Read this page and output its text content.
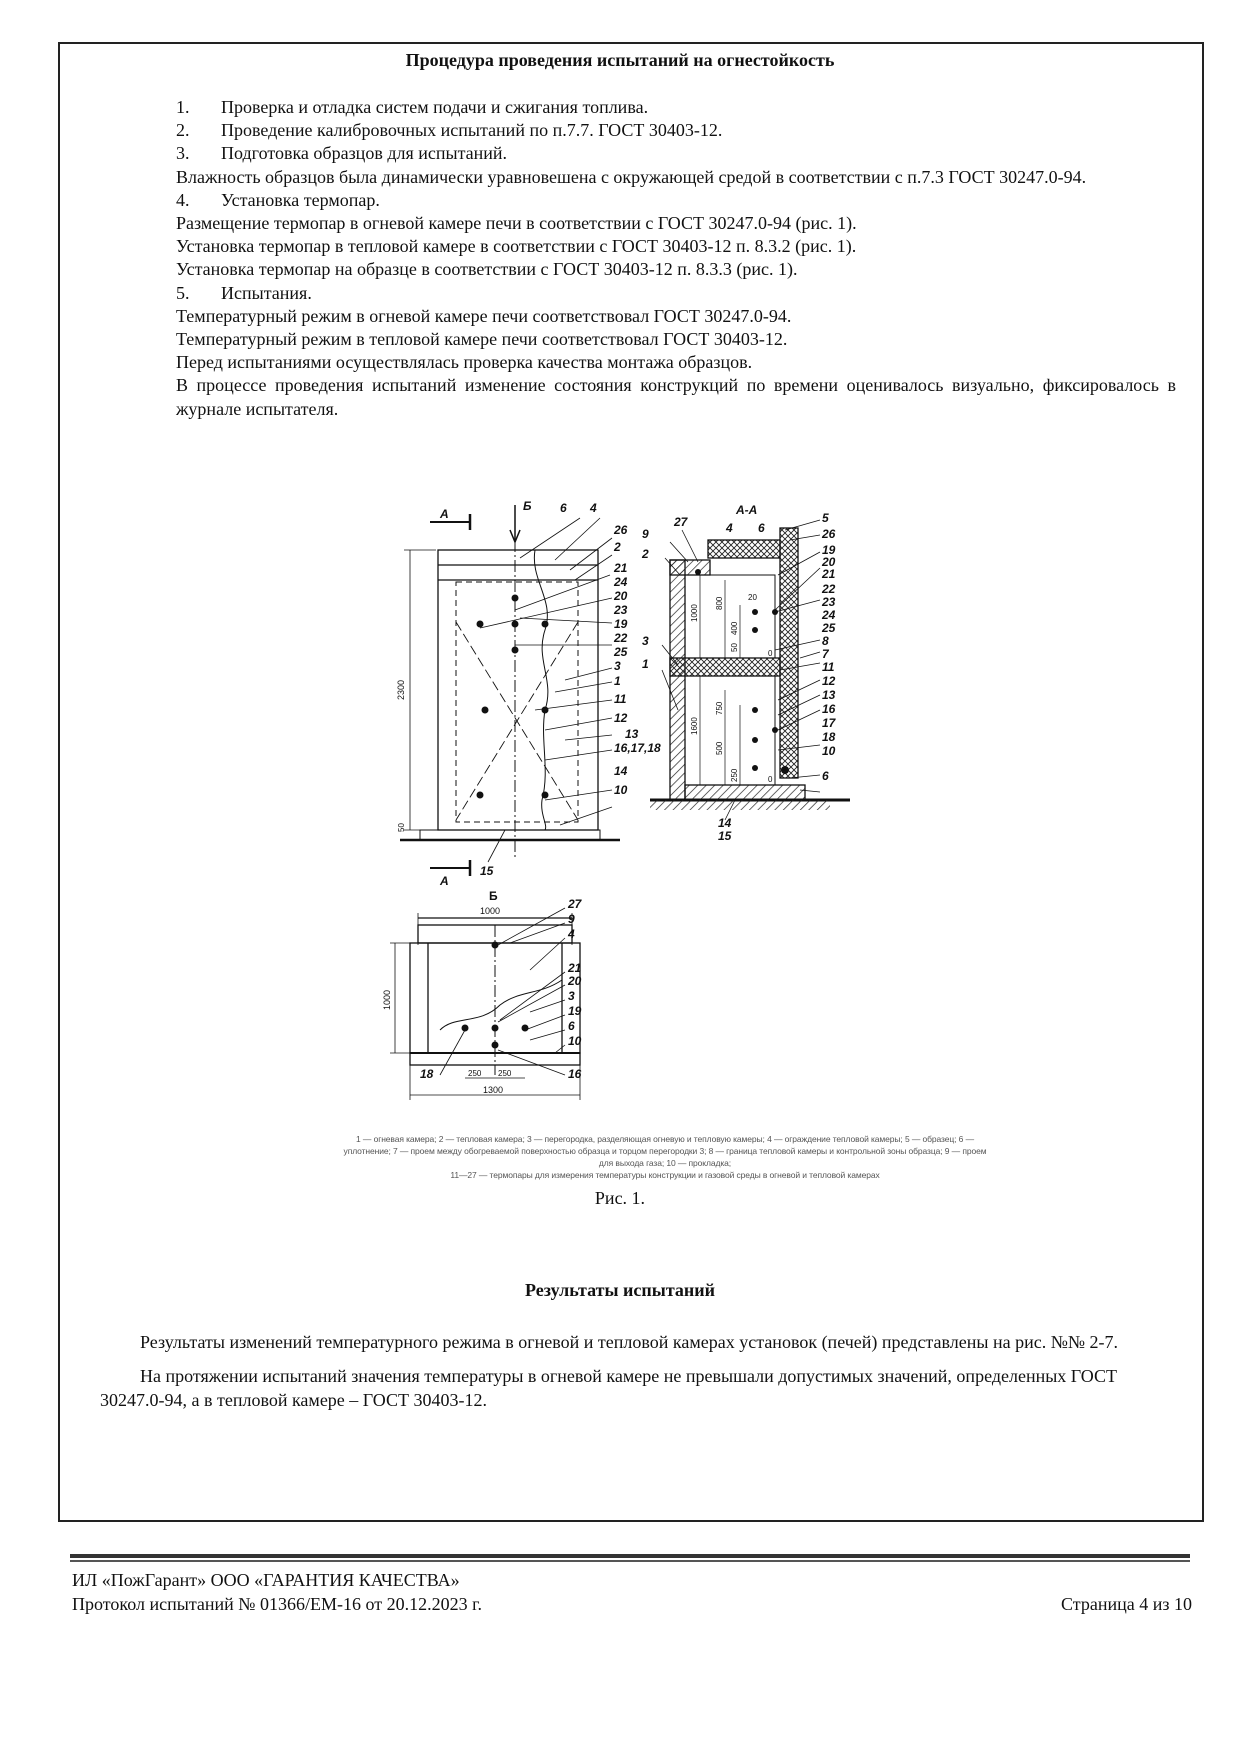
Процедура проведения испытаний на огнестойкость
1. Проверка и отладка систем подачи и сжигания топлива.
2. Проведение калибровочных испытаний по п.7.7. ГОСТ 30403-12.
3. Подготовка образцов для испытаний.
Влажность образцов была динамически уравновешена с окружающей средой в соответствии с п.7.3 ГОСТ 30247.0-94.
4. Установка термопар.
Размещение термопар в огневой камере печи в соответствии с ГОСТ 30247.0-94 (рис. 1).
Установка термопар в тепловой камере в соответствии с ГОСТ 30403-12 п. 8.3.2 (рис. 1).
Установка термопар на образце в соответствии с ГОСТ 30403-12 п. 8.3.3 (рис. 1).
5. Испытания.
Температурный режим в огневой камере печи соответствовал ГОСТ 30247.0-94.
Температурный режим в тепловой камере печи соответствовал ГОСТ 30403-12.
Перед испытаниями осуществлялась проверка качества монтажа образцов.
В процессе проведения испытаний изменение состояния конструкций по времени оценивалось визуально, фиксировалось в журнале испытателя.
А
А
Б
2300
50
6 4
26
2
21
24
20
23
19
22
25
3
1
11
12
13
16,17,18
14
10
15
А-А
9
27
2
3
1
4 6
5
26
19
20
21
22
23
24
25
8
7
11
12
13
16
17
18
10
6
14
15
1000
800
400
50
20
0
1600
750
500
250	0
Б
1000
1000
250 250
1300
27
9
4
21
20
3
19
6
10
16
18
1 — огневая камера; 2 — тепловая камера; 3 — перегородка, разделяющая огневую и тепловую камеры; 4 — ограждение тепловой камеры; 5 — образец; 6 — уплотнение; 7 — проем между обогреваемой поверхностью образца и торцом перегородки 3; 8 — граница тепловой камеры и контрольной зоны образца; 9 — проем для выхода газа; 10 — прокладка;
11—27 — термопары для измерения температуры конструкции и газовой среды в огневой и тепловой камерах
Рис. 1.
Результаты испытаний

Результаты изменений температурного режима в огневой и тепловой камерах установок (печей) представлены на рис. №№ 2-7.

На протяжении испытаний значения температуры в огневой камере не превышали допустимых значений, определенных ГОСТ 30247.0-94, а в тепловой камере – ГОСТ 30403-12.

ИЛ «ПожГарант» ООО «ГАРАНТИЯ КАЧЕСТВА»
Протокол испытаний № 01366/ЕМ-16 от 20.12.2023 г.	Страница 4 из 10
